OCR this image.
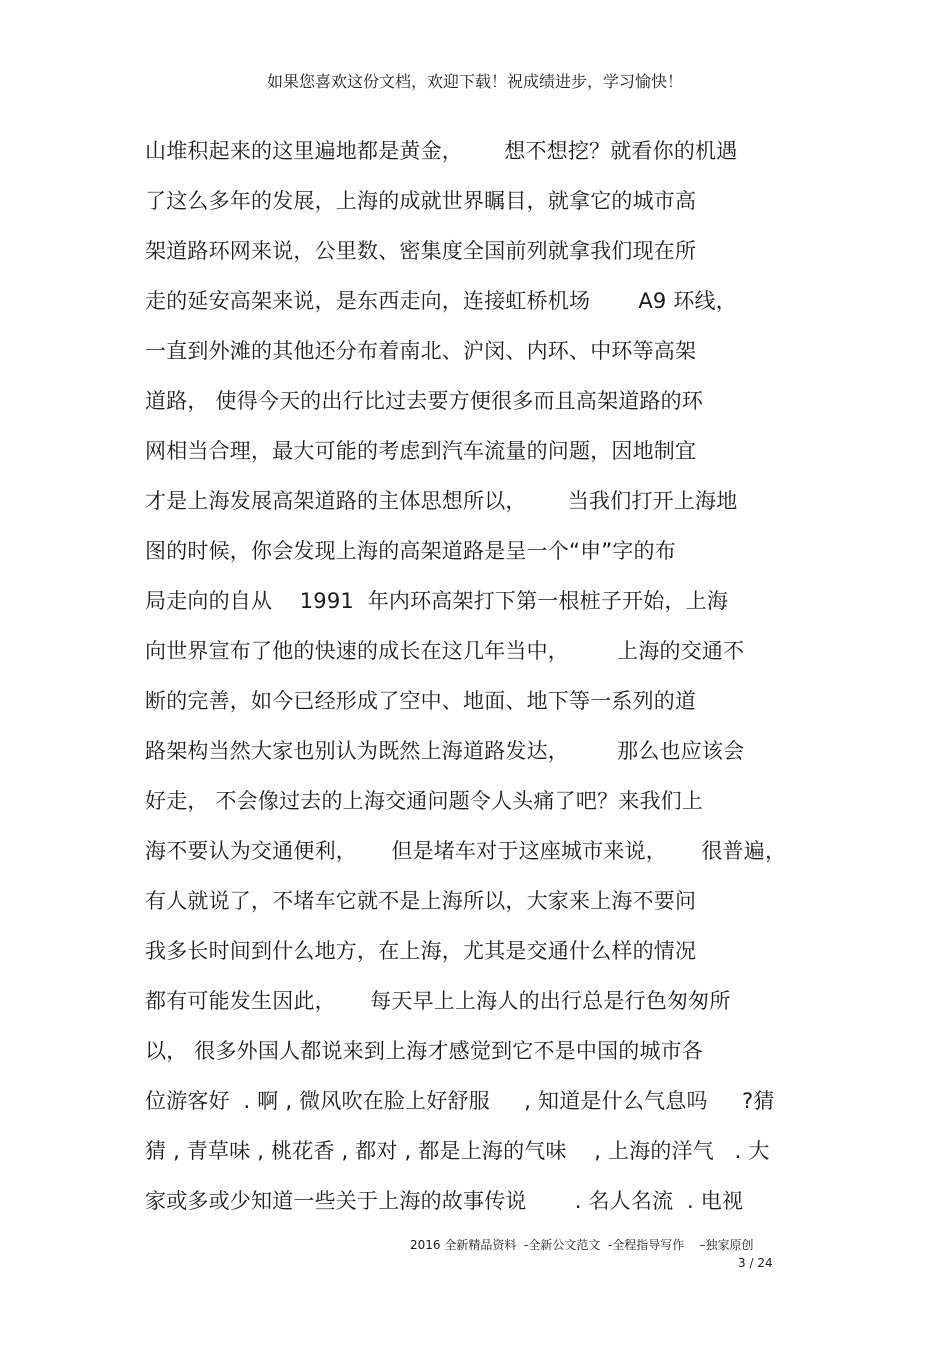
如果您喜欢这份文档，欢迎下载！祝成绩进步，学习愉快！
山堆积起来的这里遍地都是黄金，      想不想挖？就看你的机遇
了这么多年的发展，上海的成就世界瞩目，就拿它的城市高
架道路环网来说，公里数、密集度全国前列就拿我们现在所
走的延安高架来说，是东西走向，连接虹桥机场       A9 环线，
一直到外滩的其他还分布着南北、沪闵、内环、中环等高架
道路， 使得今天的出行比过去要方便很多而且高架道路的环
网相当合理，最大可能的考虑到汽车流量的问题，因地制宜
才是上海发展高架道路的主体思想所以，      当我们打开上海地
图的时候，你会发现上海的高架道路是呈一个“申”字的布
局走向的自从    1991  年内环高架打下第一根桩子开始，上海
向世界宣布了他的快速的成长在这几年当中，       上海的交通不
断的完善，如今已经形成了空中、地面、地下等一系列的道
路架构当然大家也别认为既然上海道路发达，       那么也应该会
好走， 不会像过去的上海交通问题令人头痛了吧？来我们上
海不要认为交通便利，     但是堵车对于这座城市来说，     很普遍，
有人就说了，不堵车它就不是上海所以，大家来上海不要问
我多长时间到什么地方，在上海，尤其是交通什么样的情况
都有可能发生因此，     每天早上上海人的出行总是行色匆匆所
以， 很多外国人都说来到上海才感觉到它不是中国的城市各
位游客好  . 啊 , 微风吹在脸上好舒服     , 知道是什么气息吗     ?猜
猜 , 青草味 , 桃花香 , 都对 , 都是上海的气味    , 上海的洋气   . 大
家或多或少知道一些关于上海的故事传说       . 名人名流  . 电视
2016 全新精品资料  -全新公文范文  -全程指导写作    –独家原创
3 / 24
